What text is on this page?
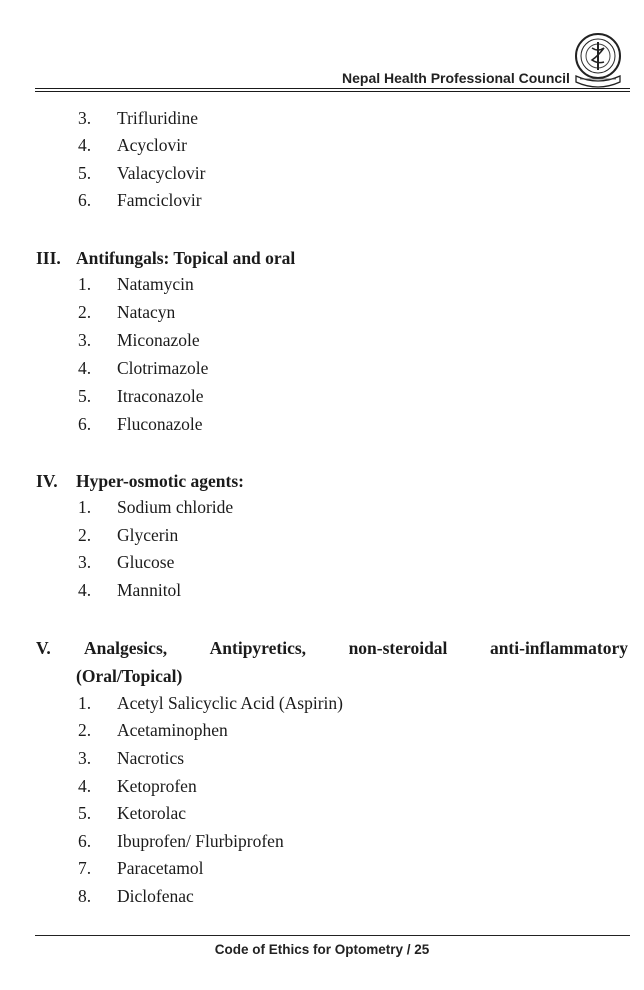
Nepal Health Professional Council
3.	Trifluridine
4.	Acyclovir
5.	Valacyclovir
6.	Famciclovir
III. Antifungals: Topical and oral
1.	Natamycin
2.	Natacyn
3.	Miconazole
4.	Clotrimazole
5.	Itraconazole
6.	Fluconazole
IV. Hyper-osmotic agents:
1.	Sodium chloride
2.	Glycerin
3.	Glucose
4.	Mannitol
V. Analgesics, Antipyretics, non-steroidal anti-inflammatory
(Oral/Topical)
1.	Acetyl Salicyclic Acid (Aspirin)
2.	Acetaminophen
3.	Nacrotics
4.	Ketoprofen
5.	Ketorolac
6.	Ibuprofen/ Flurbiprofen
7.	Paracetamol
8.	Diclofenac
Code of Ethics for Optometry / 25
